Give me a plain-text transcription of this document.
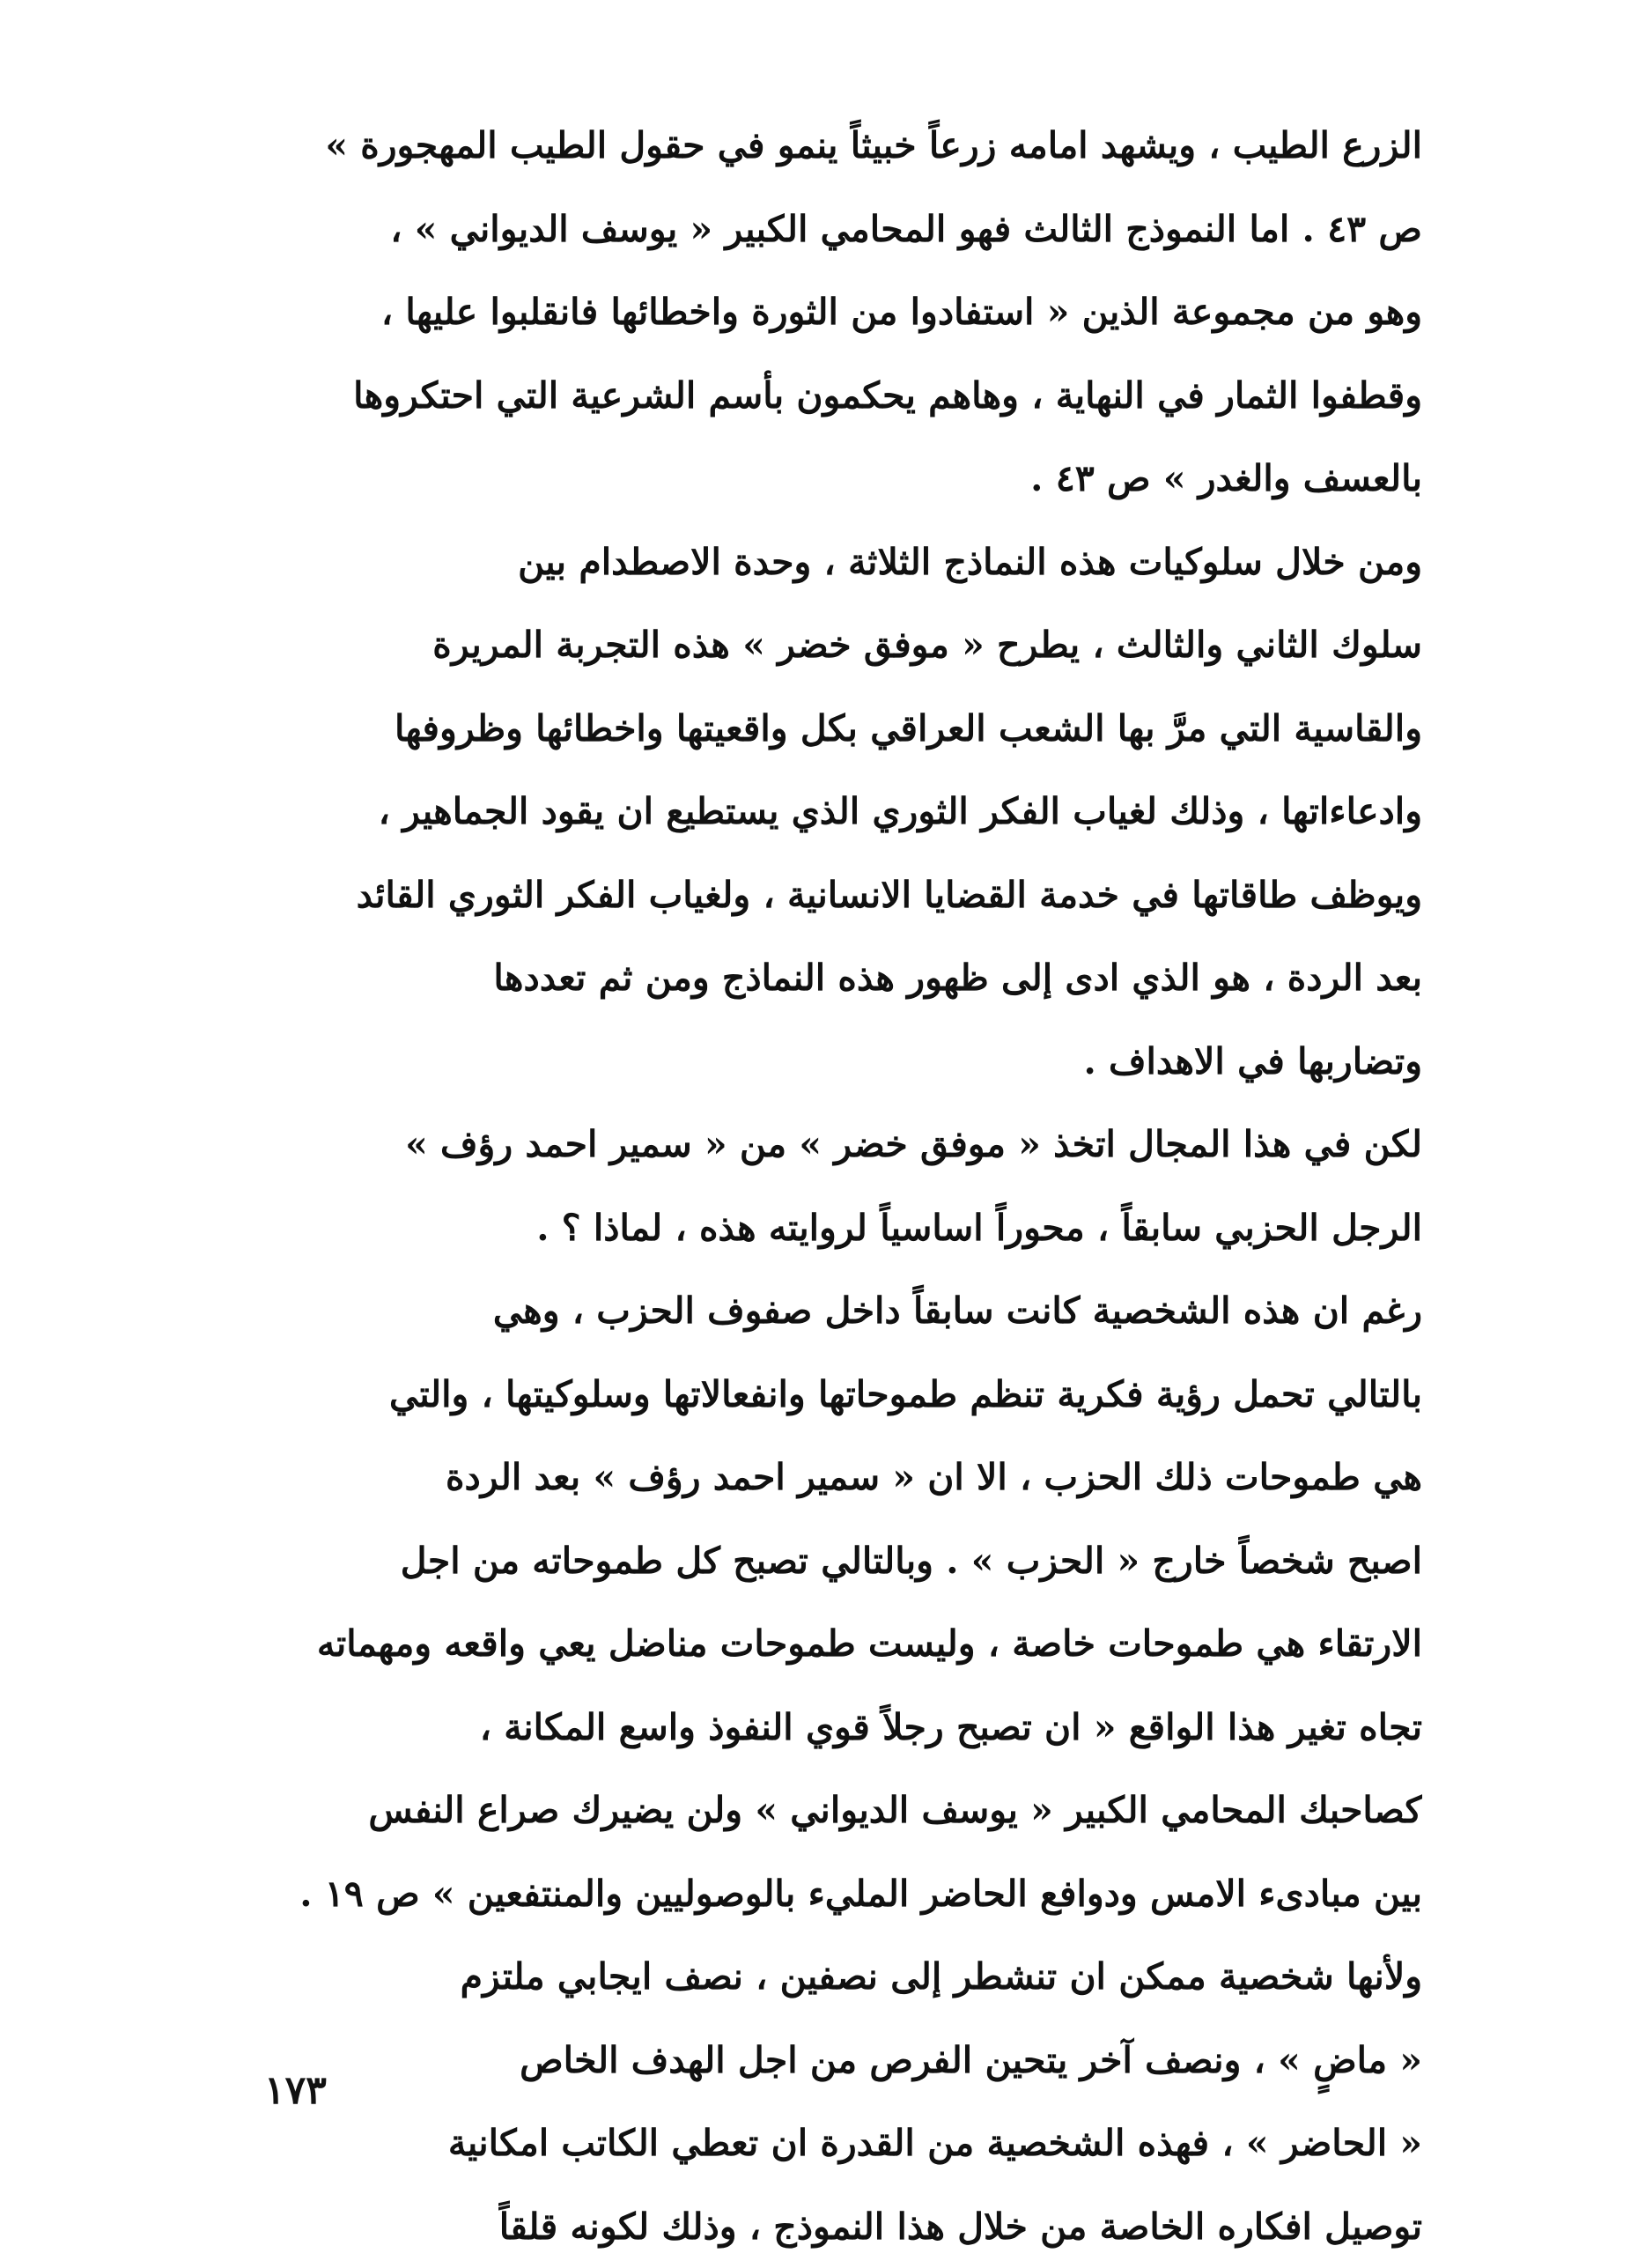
الزرع الطيب ، ويشهد امامه زرعاً خبيثاً ينمو في حقول الطيب المهجورة »
ص ٤٣ . اما النموذج الثالث فهو المحامي الكبير « يوسف الديواني » ،
وهو من مجموعة الذين « استفادوا من الثورة واخطائها فانقلبوا عليها ،
وقطفوا الثمار في النهاية ، وهاهم يحكمون بأسم الشرعية التي احتكروها
بالعسف والغدر » ص ٤٣ .
ومن خلال سلوكيات هذه النماذج الثلاثة ، وحدة الاصطدام بين
سلوك الثاني والثالث ، يطرح « موفق خضر » هذه التجربة المريرة
والقاسية التي مرَّ بها الشعب العراقي بكل واقعيتها واخطائها وظروفها
وادعاءاتها ، وذلك لغياب الفكر الثوري الذي يستطيع ان يقود الجماهير ،
ويوظف طاقاتها في خدمة القضايا الانسانية ، ولغياب الفكر الثوري القائد
بعد الردة ، هو الذي ادى إلى ظهور هذه النماذج ومن ثم تعددها
وتضاربها في الاهداف .
لكن في هذا المجال اتخذ « موفق خضر » من « سمير احمد رؤف »
الرجل الحزبي سابقاً ، محوراً اساسياً لروايته هذه ، لماذا ؟ .
رغم ان هذه الشخصية كانت سابقاً داخل صفوف الحزب ، وهي
بالتالي تحمل رؤية فكرية تنظم طموحاتها وانفعالاتها وسلوكيتها ، والتي
هي طموحات ذلك الحزب ، الا ان « سمير احمد رؤف » بعد الردة
اصبح شخصاً خارج « الحزب » . وبالتالي تصبح كل طموحاته من اجل
الارتقاء هي طموحات خاصة ، وليست طموحات مناضل يعي واقعه ومهماته
تجاه تغير هذا الواقع « ان تصبح رجلاً قوي النفوذ واسع المكانة ،
كصاحبك المحامي الكبير « يوسف الديواني » ولن يضيرك صراع النفس
بين مبادىء الامس ودوافع الحاضر المليء بالوصوليين والمنتفعين » ص ١٩ .
ولأنها شخصية ممكن ان تنشطر إلى نصفين ، نصف ايجابي ملتزم
« ماضٍ » ، ونصف آخر يتحين الفرص من اجل الهدف الخاص
« الحاضر » ، فهذه الشخصية من القدرة ان تعطي الكاتب امكانية
توصيل افكاره الخاصة من خلال هذا النموذج ، وذلك لكونه قلقاً
١٧٣
